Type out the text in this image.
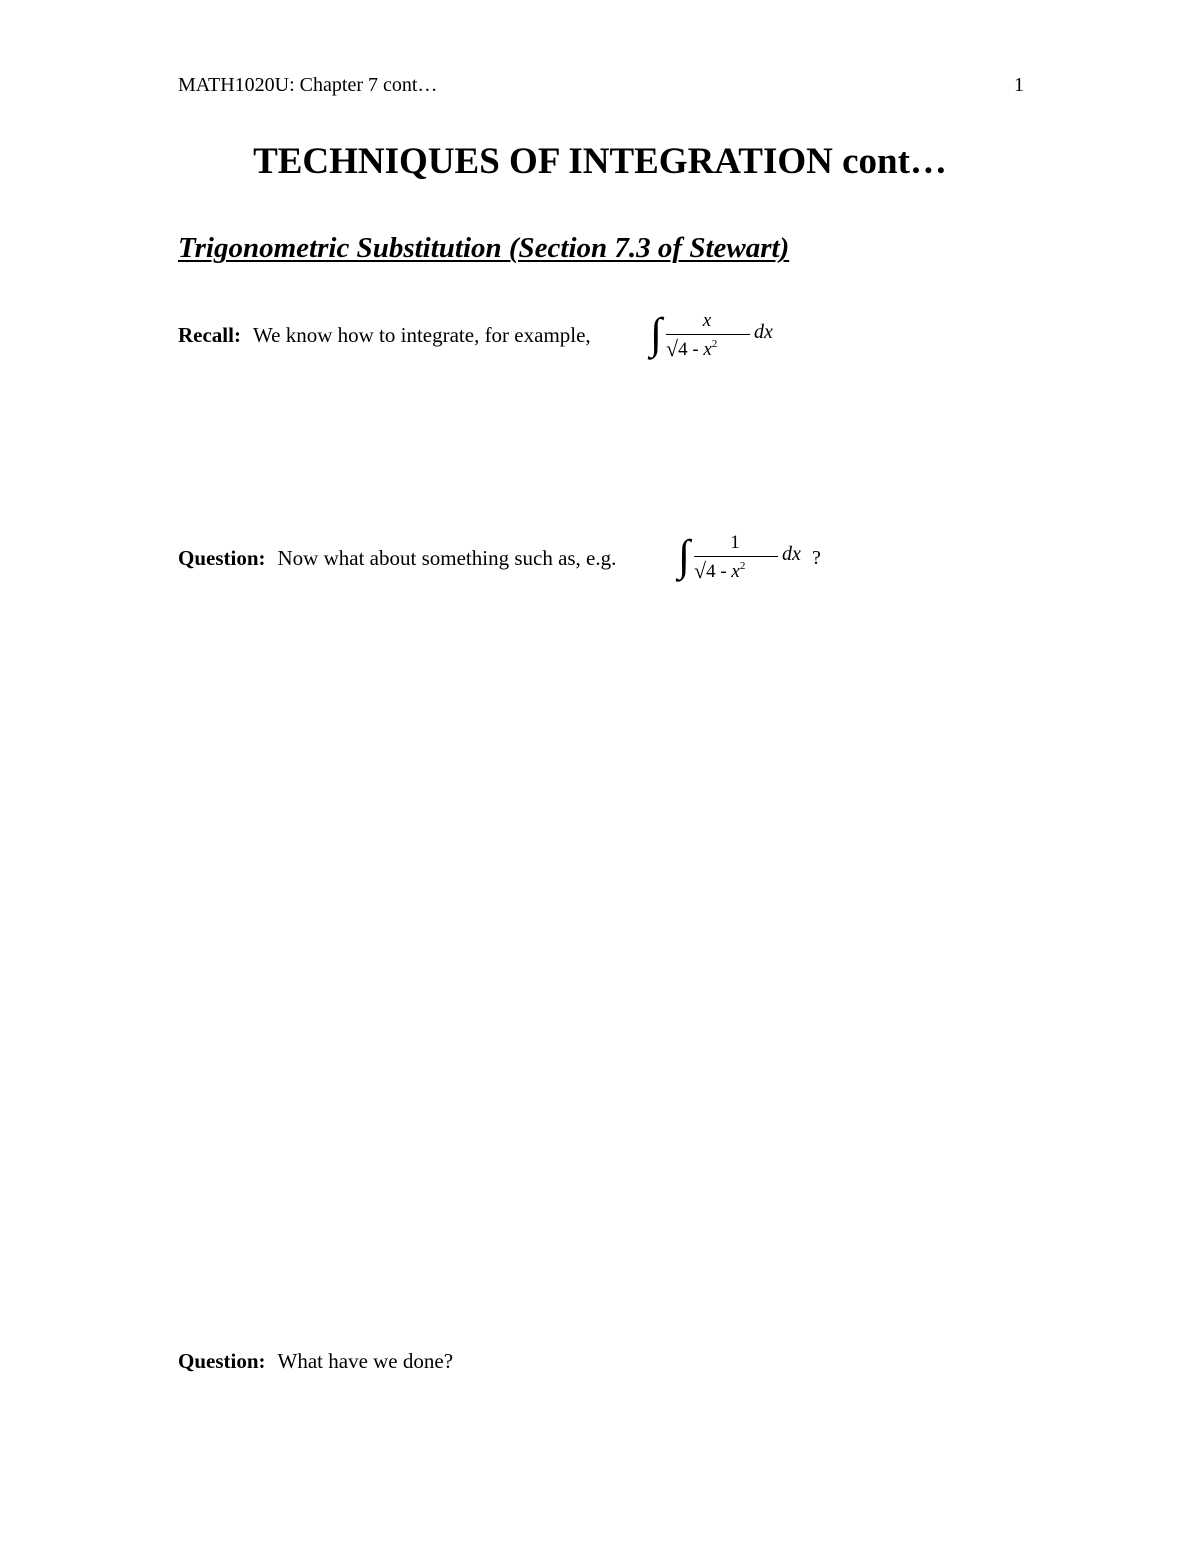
MATH1020U: Chapter 7 cont…	1
TECHNIQUES OF INTEGRATION cont…
Trigonometric Substitution (Section 7.3 of Stewart)
Recall: We know how to integrate, for example, ∫	x
$√4 - x^2$
dx
Question: Now what about something such as, e.g. ∫	1
$√4 - x^2$
dx ?
Question: What have we done?
